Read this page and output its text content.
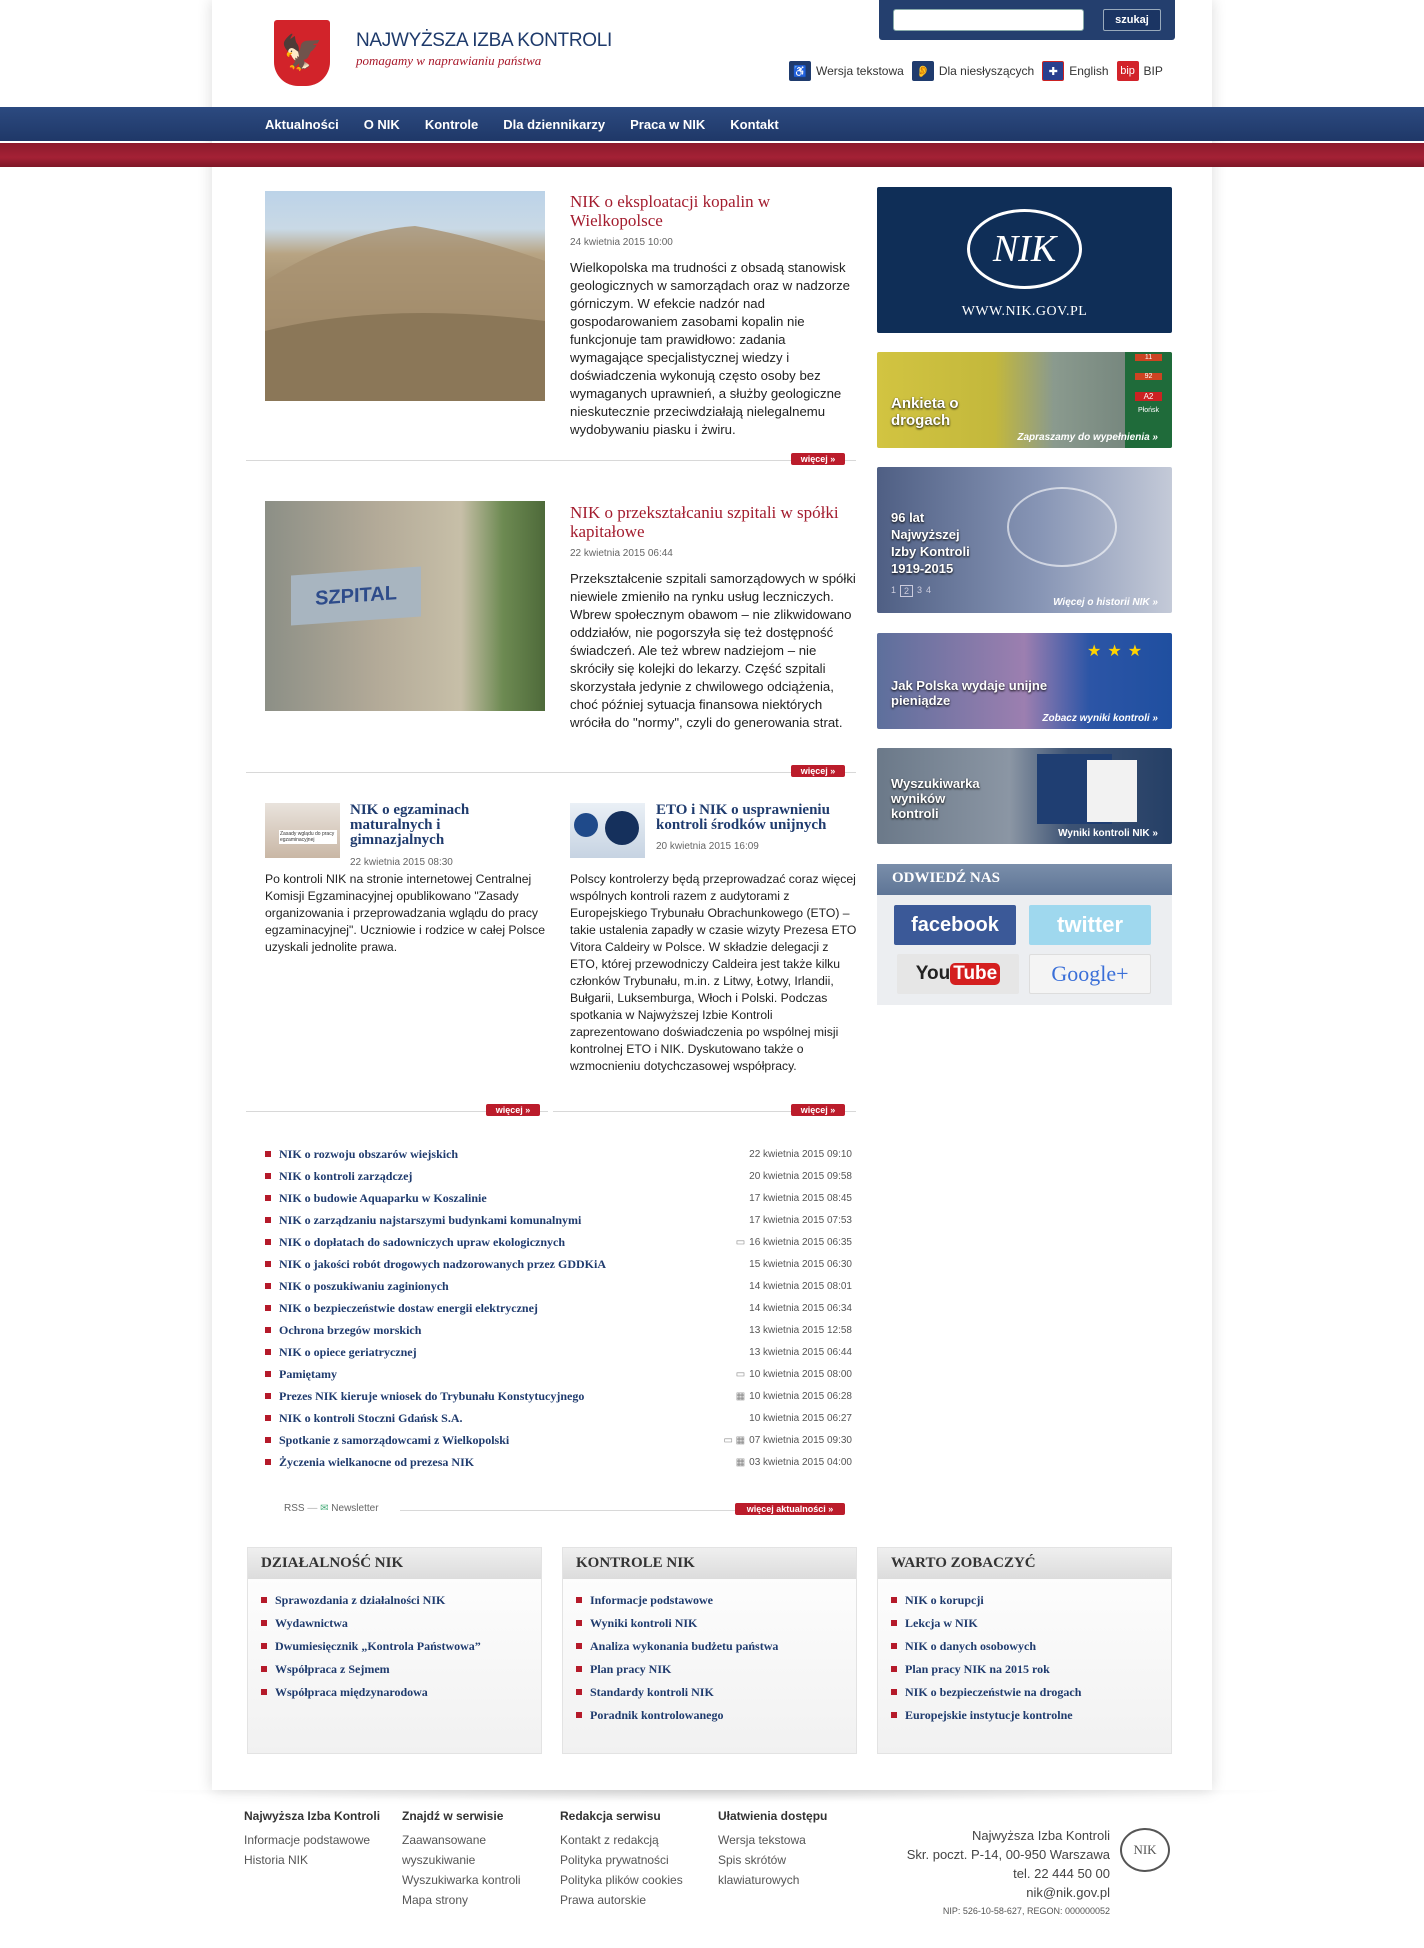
🦅	NAJWYŻSZA IZBA KONTROLI
pomagamy w naprawianiu państwa
szukaj
♿ Wersja tekstowa	👂 Dla niesłyszących	✚ English	bip BIP
Aktualności O NIK Kontrole Dla dziennikarzy Praca w NIK Kontakt
NIK o eksploatacji kopalin w Wielkopolsce
24 kwietnia 2015 10:00
Wielkopolska ma trudności z obsadą stanowisk geologicznych w samorządach oraz w nadzorze górniczym. W efekcie nadzór nad gospodarowaniem zasobami kopalin nie funkcjonuje tam prawidłowo: zadania wymagające specjalistycznej wiedzy i doświadczenia wykonują często osoby bez wymaganych uprawnień, a służby geologiczne nieskutecznie przeciwdziałają nielegalnemu wydobywaniu piasku i żwiru.
więcej »
SZPITAL
NIK o przekształcaniu szpitali w spółki kapitałowe
22 kwietnia 2015 06:44
Przekształcenie szpitali samorządowych w spółki niewiele zmieniło na rynku usług leczniczych. Wbrew społecznym obawom – nie zlikwidowano oddziałów, nie pogorszyła się też dostępność świadczeń. Ale też wbrew nadziejom – nie skróciły się kolejki do lekarzy. Część szpitali skorzystała jedynie z chwilowego odciążenia, choć później sytuacja finansowa niektórych wróciła do "normy", czyli do generowania strat.
więcej »
Zasady wglądu do pracy egzaminacyjnej
NIK o egzaminach maturalnych i gimnazjalnych
22 kwietnia 2015 08:30
Po kontroli NIK na stronie internetowej Centralnej Komisji Egzaminacyjnej opublikowano "Zasady organizowania i przeprowadzania wglądu do pracy egzaminacyjnej". Uczniowie i rodzice w całej Polsce uzyskali jednolite prawa.
więcej »
ETO i NIK o usprawnieniu kontroli środków unijnych
20 kwietnia 2015 16:09
Polscy kontrolerzy będą przeprowadzać coraz więcej wspólnych kontroli razem z audytorami z Europejskiego Trybunału Obrachunkowego (ETO) – takie ustalenia zapadły w czasie wizyty Prezesa ETO Vitora Caldeiry w Polsce. W składzie delegacji z ETO, której przewodniczy Caldeira jest także kilku członków Trybunału, m.in. z Litwy, Łotwy, Irlandii, Bułgarii, Luksemburga, Włoch i Polski. Podczas spotkania w Najwyższej Izbie Kontroli zaprezentowano doświadczenia po wspólnej misji kontrolnej ETO i NIK. Dyskutowano także o wzmocnieniu dotychczasowej współpracy.
więcej »
NIK o rozwoju obszarów wiejskich	22 kwietnia 2015 09:10
NIK o kontroli zarządczej	20 kwietnia 2015 09:58
NIK o budowie Aquaparku w Koszalinie	17 kwietnia 2015 08:45
NIK o zarządzaniu najstarszymi budynkami komunalnymi	17 kwietnia 2015 07:53
NIK o dopłatach do sadowniczych upraw ekologicznych	▭ 16 kwietnia 2015 06:35
NIK o jakości robót drogowych nadzorowanych przez GDDKiA	15 kwietnia 2015 06:30
NIK o poszukiwaniu zaginionych	14 kwietnia 2015 08:01
NIK o bezpieczeństwie dostaw energii elektrycznej	14 kwietnia 2015 06:34
Ochrona brzegów morskich	13 kwietnia 2015 12:58
NIK o opiece geriatrycznej	13 kwietnia 2015 06:44
Pamiętamy	▭ 10 kwietnia 2015 08:00
Prezes NIK kieruje wniosek do Trybunału Konstytucyjnego	▦ 10 kwietnia 2015 06:28
NIK o kontroli Stoczni Gdańsk S.A.	10 kwietnia 2015 06:27
Spotkanie z samorządowcami z Wielkopolski	▭ ▦ 07 kwietnia 2015 09:30
Życzenia wielkanocne od prezesa NIK	▦ 03 kwietnia 2015 04:00
RSS — ✉ Newsletter	więcej aktualności »
DZIAŁALNOŚĆ NIK
Sprawozdania z działalności NIK
Wydawnictwa
Dwumiesięcznik „Kontrola Państwowa”
Współpraca z Sejmem
Współpraca międzynarodowa
KONTROLE NIK
Informacje podstawowe
Wyniki kontroli NIK
Analiza wykonania budżetu państwa
Plan pracy NIK
Standardy kontroli NIK
Poradnik kontrolowanego
WARTO ZOBACZYĆ
NIK o korupcji
Lekcja w NIK
NIK o danych osobowych
Plan pracy NIK na 2015 rok
NIK o bezpieczeństwie na drogach
Europejskie instytucje kontrolne
NIK
WWW.NIK.GOV.PL
11
92
A2
Płońsk
Ankieta o drogach
Zapraszamy do wypełnienia »
96 lat Najwyższej Izby Kontroli 1919-2015
1 2 3 4
Więcej o historii NIK »
★★★
Jak Polska wydaje unijne pieniądze
Zobacz wyniki kontroli »
Wyszukiwarka wyników kontroli
Wyniki kontroli NIK »
ODWIEDŹ NAS
facebook	twitter
You Tube	Google+
Najwyższa Izba Kontroli
Informacje podstawowe
Historia NIK
Znajdź w serwisie
Zaawansowane wyszukiwanie
Wyszukiwarka kontroli
Mapa strony
Redakcja serwisu
Kontakt z redakcją
Polityka prywatności
Polityka plików cookies
Prawa autorskie
Ułatwienia dostępu
Wersja tekstowa
Spis skrótów klawiaturowych
Najwyższa Izba Kontroli
Skr. poczt. P-14, 00-950 Warszawa
tel. 22 444 50 00
nik@nik.gov.pl
NIP: 526-10-58-627, REGON: 000000052
NIK
